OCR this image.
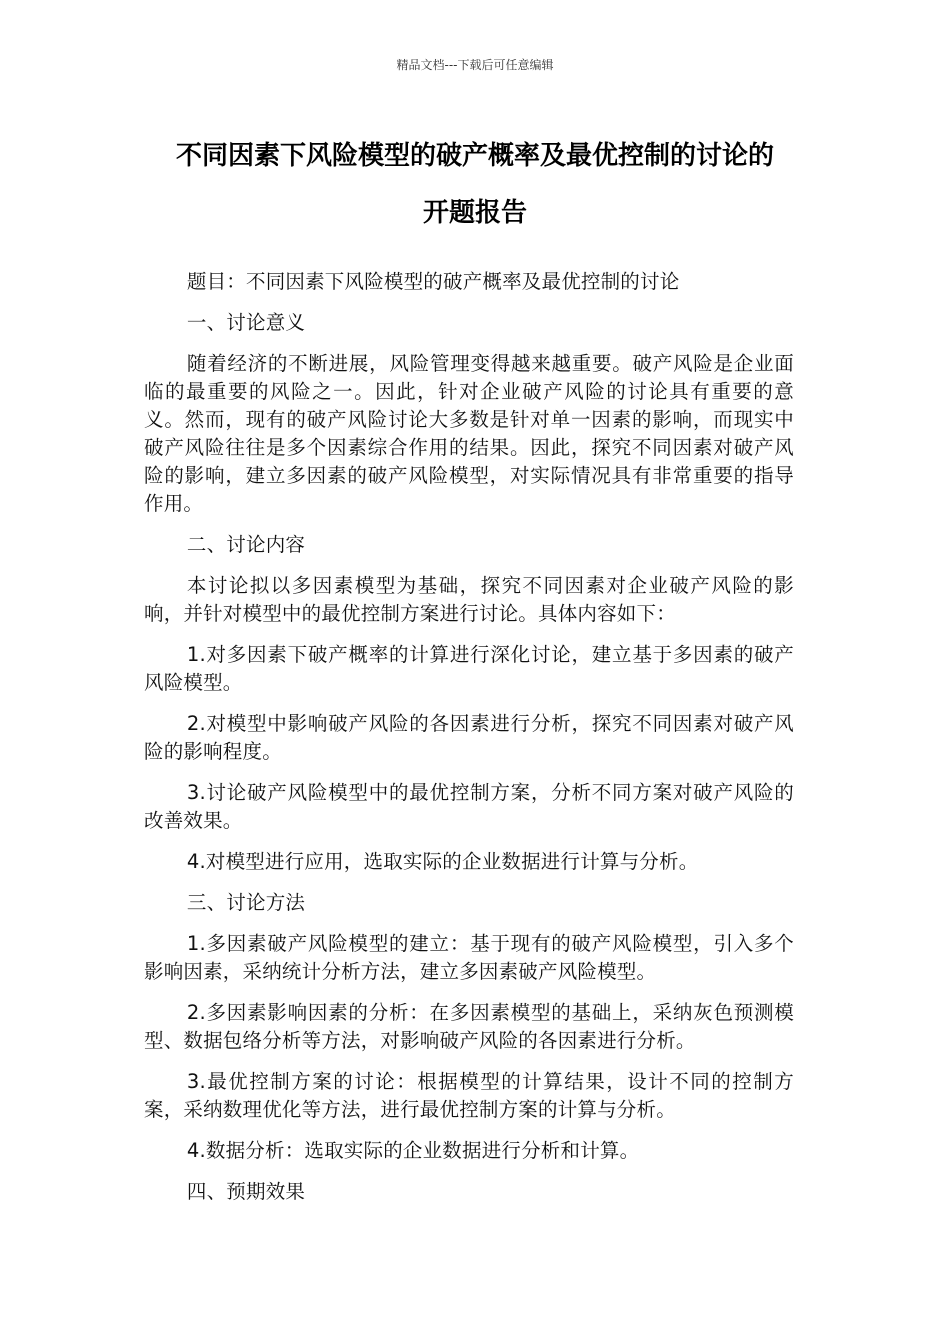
精品文档---下载后可任意编辑
不同因素下风险模型的破产概率及最优控制的讨论的
开题报告

题目：不同因素下风险模型的破产概率及最优控制的讨论

一、讨论意义

随着经济的不断进展，风险管理变得越来越重要。破产风险是企业面临的最重要的风险之一。因此，针对企业破产风险的讨论具有重要的意义。然而，现有的破产风险讨论大多数是针对单一因素的影响，而现实中破产风险往往是多个因素综合作用的结果。因此，探究不同因素对破产风险的影响，建立多因素的破产风险模型，对实际情况具有非常重要的指导作用。

二、讨论内容

本讨论拟以多因素模型为基础，探究不同因素对企业破产风险的影响，并针对模型中的最优控制方案进行讨论。具体内容如下：

1.对多因素下破产概率的计算进行深化讨论，建立基于多因素的破产风险模型。

2.对模型中影响破产风险的各因素进行分析，探究不同因素对破产风险的影响程度。

3.讨论破产风险模型中的最优控制方案，分析不同方案对破产风险的改善效果。

4.对模型进行应用，选取实际的企业数据进行计算与分析。

三、讨论方法

1.多因素破产风险模型的建立：基于现有的破产风险模型，引入多个影响因素，采纳统计分析方法，建立多因素破产风险模型。

2.多因素影响因素的分析：在多因素模型的基础上，采纳灰色预测模型、数据包络分析等方法，对影响破产风险的各因素进行分析。

3.最优控制方案的讨论：根据模型的计算结果，设计不同的控制方案，采纳数理优化等方法，进行最优控制方案的计算与分析。

4.数据分析：选取实际的企业数据进行分析和计算。

四、预期效果
